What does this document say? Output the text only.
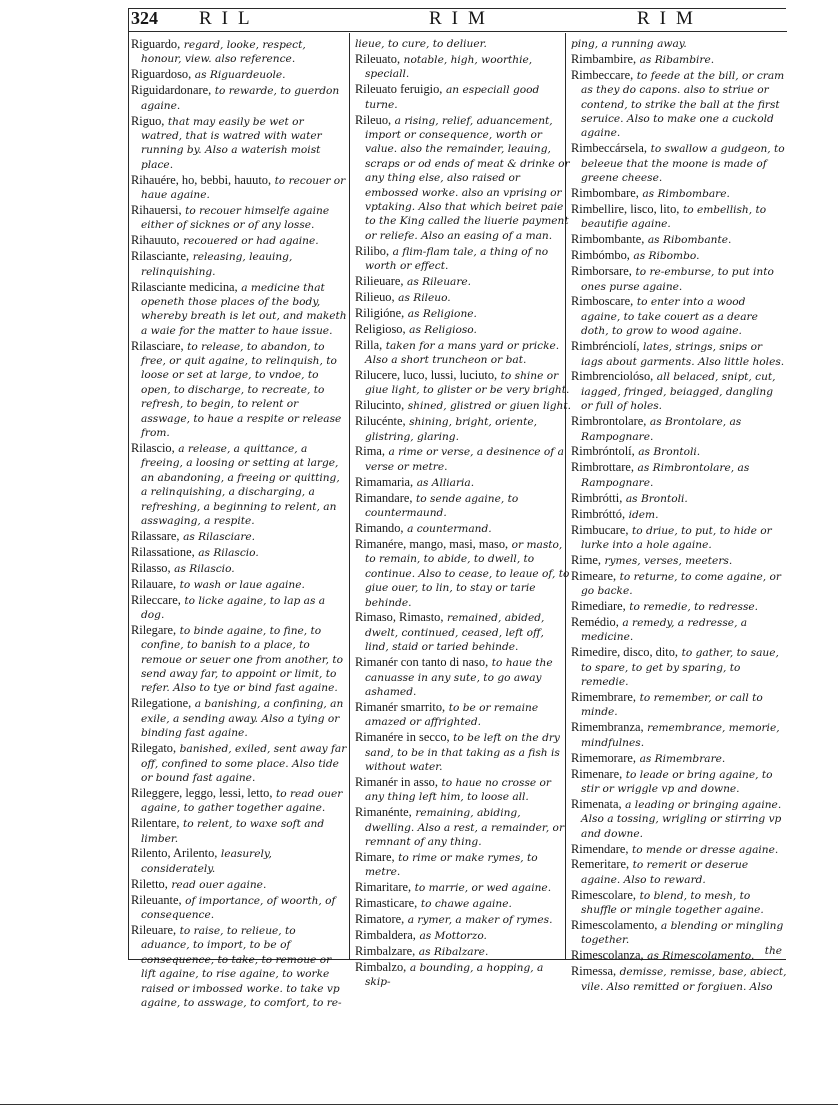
324 RIL	RIM	RIM

Riguardo, regard, looke, respect, honour, view. also reference.

Riguardoso, as Riguardeuole.

Riguidardonare, to rewarde, to guerdon againe.

Riguo, that may easily be wet or watred, that is watred with water running by. Also a waterish moist place.

Rihauére, ho, bebbi, hauuto, to recouer or haue againe.

Rihauersi, to recouer himselfe againe either of sicknes or of any losse.

Rihauuto, recouered or had againe.

Rilasciante, releasing, leauing, relinquishing.

Rilasciante medicina, a medicine that openeth those places of the body, whereby breath is let out, and maketh a waie for the matter to haue issue.

Rilasciare, to release, to abandon, to free, or quit againe, to relinquish, to loose or set at large, to vndoe, to open, to discharge, to recreate, to refresh, to begin, to relent or asswage, to haue a respite or release from.

Rilascio, a release, a quittance, a freeing, a loosing or setting at large, an abandoning, a freeing or quitting, a relinquishing, a discharging, a refreshing, a beginning to relent, an asswaging, a respite.

Rilassare, as Rilasciare.

Rilassatione, as Rilascio.

Rilasso, as Rilascio.

Rilauare, to wash or laue againe.

Rileccare, to licke againe, to lap as a dog.

Rilegare, to binde againe, to fine, to confine, to banish to a place, to remoue or seuer one from another, to send away far, to appoint or limit, to refer. Also to tye or bind fast againe.

Rilegatione, a banishing, a confining, an exile, a sending away. Also a tying or binding fast againe.

Rilegato, banished, exiled, sent away far off, confined to some place. Also tide or bound fast againe.

Rileggere, leggo, lessi, letto, to read ouer againe, to gather together againe.

Rilentare, to relent, to waxe soft and limber.

Rilento, Arilento, leasurely, considerately.

Riletto, read ouer againe.

Rileuante, of importance, of woorth, of consequence.

Rileuare, to raise, to relieue, to aduance, to import, to be of consequence, to take, to remoue or lift againe, to rise againe, to worke raised or imbossed worke. to take vp againe, to asswage, to comfort, to re-

lieue, to cure, to deliuer.

Rileuato, notable, high, woorthie, speciall.

Rileuato feruigio, an especiall good turne.

Rileuo, a rising, relief, aduancement, import or consequence, worth or value. also the remainder, leauing, scraps or od ends of meat & drinke or any thing else, also raised or embossed worke. also an vprising or vptaking. Also that which beiret paie to the King called the liuerie payment or reliefe. Also an easing of a man.

Rilibo, a flim-flam tale, a thing of no worth or effect.

Rilieuare, as Rileuare.

Rilieuo, as Rileuo.

Riligióne, as Religione.

Religioso, as Religioso.

Rilla, taken for a mans yard or pricke. Also a short truncheon or bat.

Rilucere, luco, lussi, luciuto, to shine or giue light, to glister or be very bright.

Rilucinto, shined, glistred or giuen light.

Rilucénte, shining, bright, oriente, glistring, glaring.

Rima, a rime or verse, a desinence of a verse or metre.

Rimamaria, as Alliaria.

Rimandare, to sende againe, to countermaund.

Rimando, a countermand.

Rimanére, mango, masi, maso, or masto, to remain, to abide, to dwell, to continue. Also to cease, to leaue of, to giue ouer, to lin, to stay or tarie behinde.

Rimaso, Rimasto, remained, abided, dwelt, continued, ceased, left off, lind, staid or taried behinde.

Rimanér con tanto di naso, to haue the canuasse in any sute, to go away ashamed.

Rimanér smarrito, to be or remaine amazed or affrighted.

Rimanére in secco, to be left on the dry sand, to be in that taking as a fish is without water.

Rimanér in asso, to haue no crosse or any thing left him, to loose all.

Rimanénte, remaining, abiding, dwelling. Also a rest, a remainder, or remnant of any thing.

Rimare, to rime or make rymes, to metre.

Rimaritare, to marrie, or wed againe.

Rimasticare, to chawe againe.

Rimatore, a rymer, a maker of rymes.

Rimbaldera, as Mottorzo.

Rimbalzare, as Ribalzare.

Rimbalzo, a bounding, a hopping, a skip-

ping, a running away.

Rimbambire, as Ribambire.

Rimbeccare, to feede at the bill, or cram as they do capons. also to striue or contend, to strike the ball at the first seruice. Also to make one a cuckold againe.

Rimbeccársela, to swallow a gudgeon, to beleeue that the moone is made of greene cheese.

Rimbombare, as Rimbombare.

Rimbellire, lisco, lito, to embellish, to beautifie againe.

Rimbombante, as Ribombante.

Rimbómbo, as Ribombo.

Rimborsare, to re-emburse, to put into ones purse againe.

Rimboscare, to enter into a wood againe, to take couert as a deare doth, to grow to wood againe.

Rimbrénciolí, lates, strings, snips or iags about garments. Also little holes.

Rimbrenciolóso, all belaced, snipt, cut, iagged, fringed, beiagged, dangling or full of holes.

Rimbrontolare, as Brontolare, as Rampognare.

Rimbróntolí, as Brontoli.

Rimbrottare, as Rimbrontolare, as Rampognare.

Rimbrótti, as Brontoli.

Rimbróttó, idem.

Rimbucare, to driue, to put, to hide or lurke into a hole againe.

Rime, rymes, verses, meeters.

Rimeare, to returne, to come againe, or go backe.

Rimediare, to remedie, to redresse.

Remédio, a remedy, a redresse, a medicine.

Rimedire, disco, dito, to gather, to saue, to spare, to get by sparing, to remedie.

Rimembrare, to remember, or call to minde.

Rimembranza, remembrance, memorie, mindfulnes.

Rimemorare, as Rimembrare.

Rimenare, to leade or bring againe, to stir or wriggle vp and downe.

Rimenata, a leading or bringing againe. Also a tossing, wrigling or stirring vp and downe.

Rimendare, to mende or dresse againe.

Remeritare, to remerit or deserue againe. Also to reward.

Rimescolare, to blend, to mesh, to shuffle or mingle together againe.

Rimescolamento, a blending or mingling together.

Rimescolanza, as Rimescolamento.

Rimessa, demisse, remisse, base, abiect, vile. Also remitted or forgiuen. Also

the
